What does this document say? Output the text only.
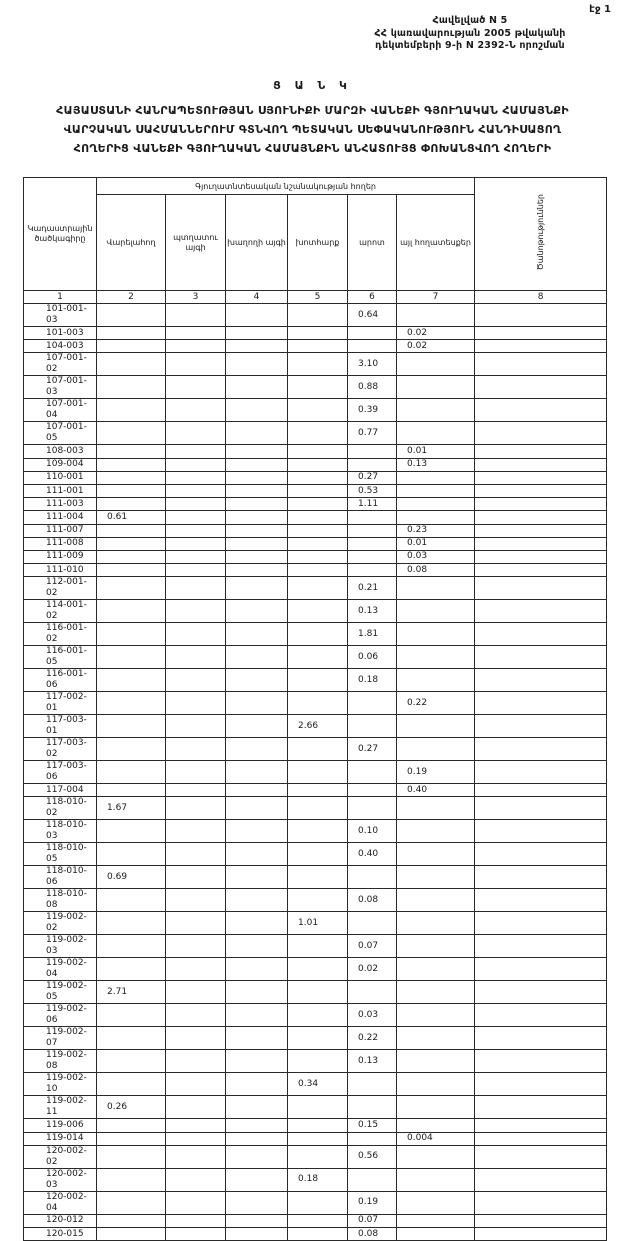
էջ 1
Հավելված N 5
ՀՀ կառավարության 2005 թվականի
դեկտեմբերի 9-ի N 2392-Ն որոշման
Ց Ա Ն Կ
ՀԱՅԱՍՏԱՆԻ ՀԱՆՐԱՊԵՏՈՒԹՅԱՆ ՍՅՈՒՆԻՔԻ ՄԱՐԶԻ ՎԱՆԵՔԻ ԳՅՈՒՂԱԿԱՆ ՀԱՄԱՅՆՔԻ
ՎԱՐՉԱԿԱՆ ՍԱՀՄԱՆՆԵՐՈՒՄ ԳՏՆՎՈՂ ՊԵՏԱԿԱՆ ՍԵՓԱԿԱՆՈՒԹՅՈՒՆ ՀԱՆԴԻՍԱՑՈՂ
ՀՈՂԵՐԻՑ ՎԱՆԵՔԻ ԳՅՈՒՂԱԿԱՆ ՀԱՄԱՅՆՔԻՆ ԱՆՀԱՏՈՒՅՑ ՓՈԽԱՆՑՎՈՂ ՀՈՂԵՐԻ
Կադաստրային ծածկագիրը	Գյուղատնտեսական նշանակության հողեր						Ծանոթություններ
	Վարելահող	պտղատու այգի	խաղողի այգի	խոտհարք	արոտ	այլ հողատեսքեր	
1	2	3	4	5	6	7	8
101-001-03					0.64		
101-003						0.02	
104-003						0.02	
107-001-02					3.10		
107-001-03					0.88		
107-001-04					0.39		
107-001-05					0.77		
108-003						0.01	
109-004						0.13	
110-001					0.27		
111-001					0.53		
111-003					1.11		
111-004	0.61						
111-007						0.23	
111-008						0.01	
111-009						0.03	
111-010						0.08	
112-001-02					0.21		
114-001-02					0.13		
116-001-02					1.81		
116-001-05					0.06		
116-001-06					0.18		
117-002-01						0.22	
117-003-01				2.66			
117-003-02					0.27		
117-003-06						0.19	
117-004						0.40	
118-010-02	1.67						
118-010-03					0.10		
118-010-05					0.40		
118-010-06	0.69						
118-010-08					0.08		
119-002-02				1.01			
119-002-03					0.07		
119-002-04					0.02		
119-002-05	2.71						
119-002-06					0.03		
119-002-07					0.22		
119-002-08					0.13		
119-002-10				0.34			
119-002-11	0.26						
119-006					0.15		
119-014						0.004	
120-002-02					0.56		
120-002-03				0.18			
120-002-04					0.19		
120-012					0.07		
120-015					0.08		
